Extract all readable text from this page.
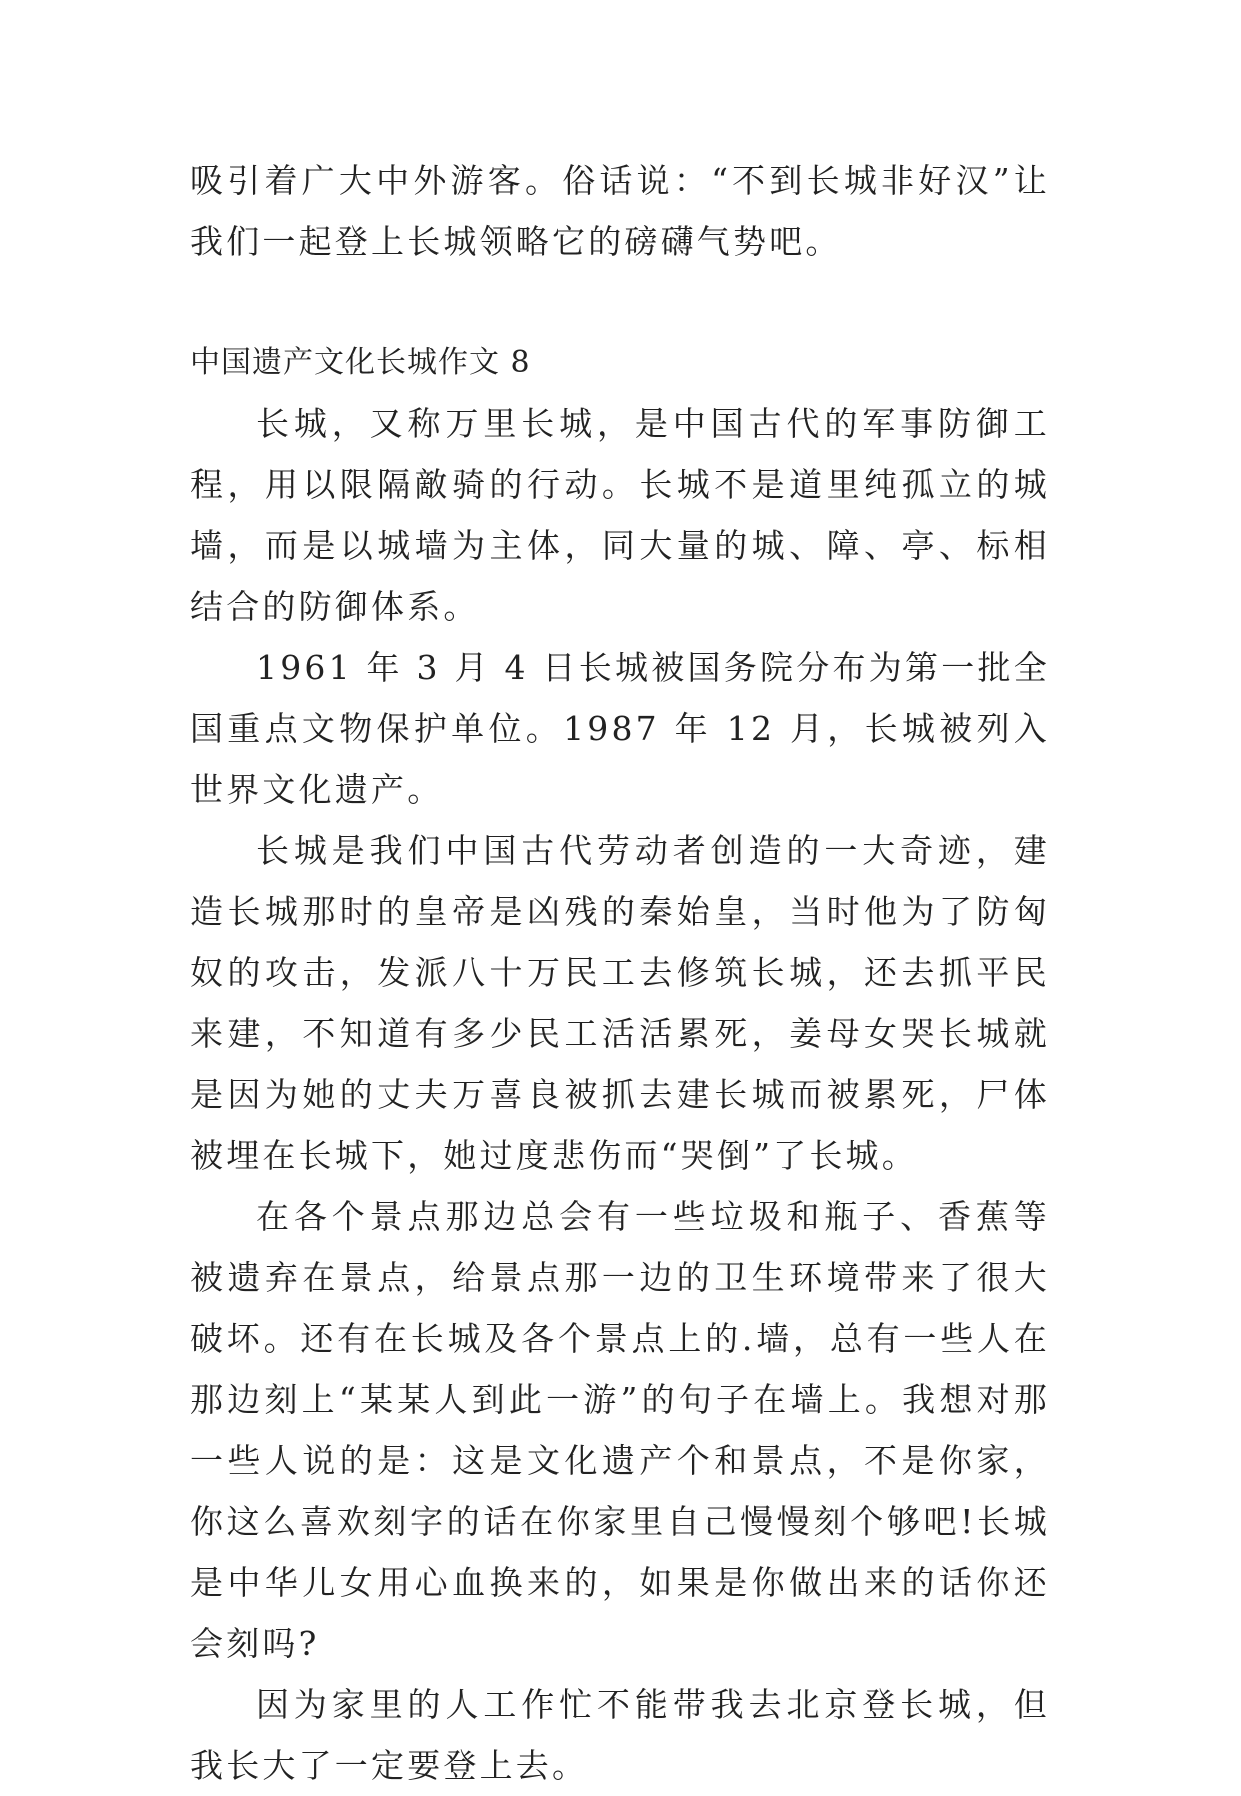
吸引着广大中外游客。俗话说：“不到长城非好汉”让我们一起登上长城领略它的磅礴气势吧。

中国遗产文化长城作文 8

长城，又称万里长城，是中国古代的军事防御工程，用以限隔敵骑的行动。长城不是道里纯孤立的城墙，而是以城墙为主体，同大量的城、障、亭、标相结合的防御体系。

1961 年 3 月 4 日长城被国务院分布为第一批全国重点文物保护单位。1987 年 12 月，长城被列入世界文化遗产。

长城是我们中国古代劳动者创造的一大奇迹，建造长城那时的皇帝是凶残的秦始皇，当时他为了防匈奴的攻击，发派八十万民工去修筑长城，还去抓平民来建，不知道有多少民工活活累死，姜母女哭长城就是因为她的丈夫万喜良被抓去建长城而被累死，尸体被埋在长城下，她过度悲伤而“哭倒”了长城。

在各个景点那边总会有一些垃圾和瓶子、香蕉等被遗弃在景点，给景点那一边的卫生环境带来了很大破坏。还有在长城及各个景点上的.墙，总有一些人在那边刻上“某某人到此一游”的句子在墙上。我想对那一些人说的是：这是文化遗产个和景点，不是你家，你这么喜欢刻字的话在你家里自己慢慢刻个够吧!长城是中华儿女用心血换来的，如果是你做出来的话你还会刻吗?

因为家里的人工作忙不能带我去北京登长城，但我长大了一定要登上去。
